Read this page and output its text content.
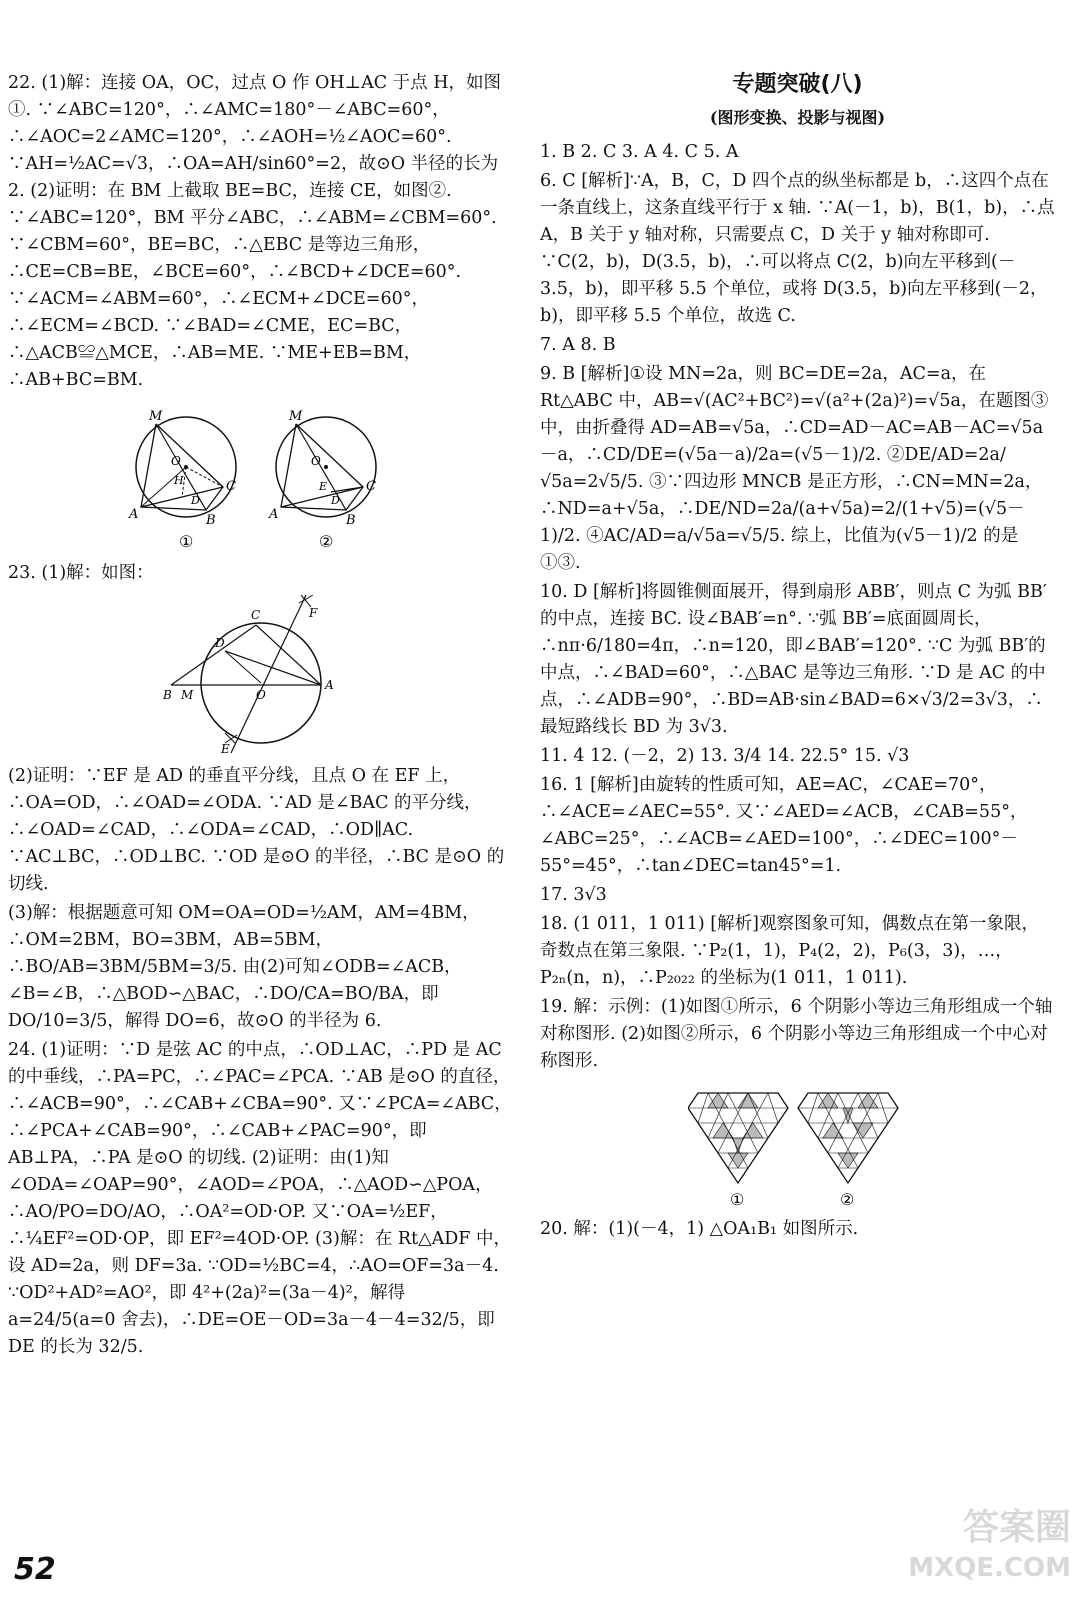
22. (1)解：连接 OA，OC，过点 O 作 OH⊥AC 于点 H，如图①. ∵∠ABC=120°，∴∠AMC=180°－∠ABC=60°，∴∠AOC=2∠AMC=120°，∴∠AOH=½∠AOC=60°. ∵AH=½AC=√3，∴OA=AH/sin60°=2，故⊙O 半径的长为 2. (2)证明：在 BM 上截取 BE=BC，连接 CE，如图②. ∵∠ABC=120°，BM 平分∠ABC，∴∠ABM=∠CBM=60°. ∵∠CBM=60°，BE=BC，∴△EBC 是等边三角形，∴CE=CB=BE，∠BCE=60°，∴∠BCD+∠DCE=60°. ∵∠ACM=∠ABM=60°，∴∠ECM+∠DCE=60°，∴∠ECM=∠BCD. ∵∠BAD=∠CME，EC=BC，∴△ACB≌△MCE，∴AB=ME. ∵ME+EB=BM，∴AB+BC=BM.

M
A	B
C
O
H
D
①
M
A	B
C
O
E
D
②

23. (1)解：如图：

C
D
F
B M	O
A
E

(2)证明：∵EF 是 AD 的垂直平分线，且点 O 在 EF 上，∴OA=OD，∴∠OAD=∠ODA. ∵AD 是∠BAC 的平分线，∴∠OAD=∠CAD，∴∠ODA=∠CAD，∴OD∥AC. ∵AC⊥BC，∴OD⊥BC. ∵OD 是⊙O 的半径，∴BC 是⊙O 的切线.

(3)解：根据题意可知 OM=OA=OD=½AM，AM=4BM，∴OM=2BM，BO=3BM，AB=5BM，∴BO/AB=3BM/5BM=3/5. 由(2)可知∠ODB=∠ACB，∠B=∠B，∴△BOD∽△BAC，∴DO/CA=BO/BA，即 DO/10=3/5，解得 DO=6，故⊙O 的半径为 6.

24. (1)证明：∵D 是弦 AC 的中点，∴OD⊥AC，∴PD 是 AC 的中垂线，∴PA=PC，∴∠PAC=∠PCA. ∵AB 是⊙O 的直径，∴∠ACB=90°，∴∠CAB+∠CBA=90°. 又∵∠PCA=∠ABC，∴∠PCA+∠CAB=90°，∴∠CAB+∠PAC=90°，即 AB⊥PA，∴PA 是⊙O 的切线. (2)证明：由(1)知∠ODA=∠OAP=90°，∠AOD=∠POA，∴△AOD∽△POA，∴AO/PO=DO/AO，∴OA²=OD·OP. 又∵OA=½EF，∴¼EF²=OD·OP，即 EF²=4OD·OP. (3)解：在 Rt△ADF 中，设 AD=2a，则 DF=3a. ∵OD=½BC=4，∴AO=OF=3a－4. ∵OD²+AD²=AO²，即 4²+(2a)²=(3a－4)²，解得 a=24/5(a=0 舍去)，∴DE=OE－OD=3a－4－4=32/5，即 DE 的长为 32/5.

专题突破(八)
(图形变换、投影与视图)

1. B 2. C 3. A 4. C 5. A

6. C [解析]∵A，B，C，D 四个点的纵坐标都是 b，∴这四个点在一条直线上，这条直线平行于 x 轴. ∵A(－1，b)，B(1，b)，∴点 A，B 关于 y 轴对称，只需要点 C，D 关于 y 轴对称即可. ∵C(2，b)，D(3.5，b)，∴可以将点 C(2，b)向左平移到(－3.5，b)，即平移 5.5 个单位，或将 D(3.5，b)向左平移到(－2，b)，即平移 5.5 个单位，故选 C.

7. A 8. B

9. B [解析]①设 MN=2a，则 BC=DE=2a，AC=a，在 Rt△ABC 中，AB=√(AC²+BC²)=√(a²+(2a)²)=√5a，在题图③中，由折叠得 AD=AB=√5a，∴CD=AD－AC=AB－AC=√5a－a，∴CD/DE=(√5a－a)/2a=(√5－1)/2. ②DE/AD=2a/√5a=2√5/5. ③∵四边形 MNCB 是正方形，∴CN=MN=2a，∴ND=a+√5a，∴DE/ND=2a/(a+√5a)=2/(1+√5)=(√5－1)/2. ④AC/AD=a/√5a=√5/5. 综上，比值为(√5－1)/2 的是①③.

10. D [解析]将圆锥侧面展开，得到扇形 ABB′，则点 C 为弧 BB′的中点，连接 BC. 设∠BAB′=n°. ∵弧 BB′=底面圆周长，∴nπ·6/180=4π，∴n=120，即∠BAB′=120°. ∵C 为弧 BB′的中点，∴∠BAD=60°，∴△BAC 是等边三角形. ∵D 是 AC 的中点，∴∠ADB=90°，∴BD=AB·sin∠BAD=6×√3/2=3√3，∴最短路线长 BD 为 3√3.

11. 4 12. (－2，2) 13. 3/4 14. 22.5° 15. √3

16. 1 [解析]由旋转的性质可知，AE=AC，∠CAE=70°，∴∠ACE=∠AEC=55°. 又∵∠AED=∠ACB，∠CAB=55°，∠ABC=25°，∴∠ACB=∠AED=100°，∴∠DEC=100°－55°=45°，∴tan∠DEC=tan45°=1.

17. 3√3

18. (1 011，1 011) [解析]观察图象可知，偶数点在第一象限，奇数点在第三象限. ∵P₂(1，1)，P₄(2，2)，P₆(3，3)，…，P₂ₙ(n，n)，∴P₂₀₂₂ 的坐标为(1 011，1 011).

19. 解：示例：(1)如图①所示，6 个阴影小等边三角形组成一个轴对称图形. (2)如图②所示，6 个阴影小等边三角形组成一个中心对称图形.

①	②

20. 解：(1)(－4，1) △OA₁B₁ 如图所示.

52
答案圈
MXQE.COM
